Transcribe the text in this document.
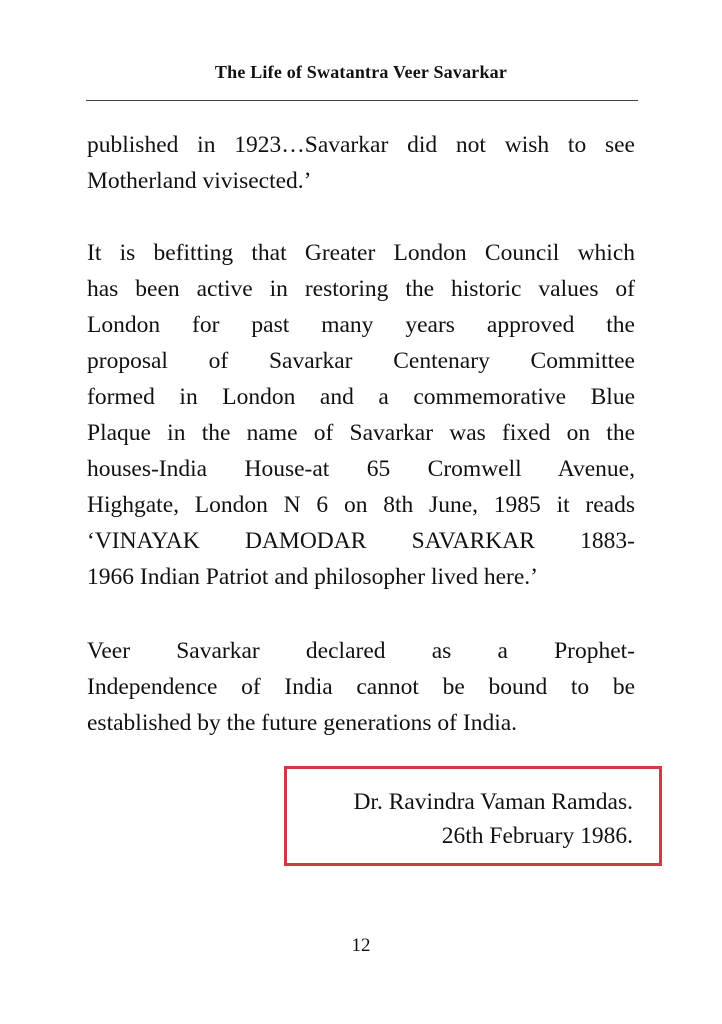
The Life of Swatantra Veer Savarkar
published in 1923…Savarkar did not wish to see
Motherland vivisected.’
It is befitting that Greater London Council which
has been active in restoring the historic values of
London for past many years approved the
proposal of Savarkar Centenary Committee
formed in London and a commemorative Blue
Plaque in the name of Savarkar was fixed on the
houses-India House-at 65 Cromwell Avenue,
Highgate, London N 6 on 8th June, 1985 it reads
‘VINAYAK DAMODAR SAVARKAR 1883-
1966 Indian Patriot and philosopher lived here.’
Veer Savarkar declared as a Prophet-
Independence of India cannot be bound to be
established by the future generations of India.
Dr. Ravindra Vaman Ramdas.
26th February 1986.
12
